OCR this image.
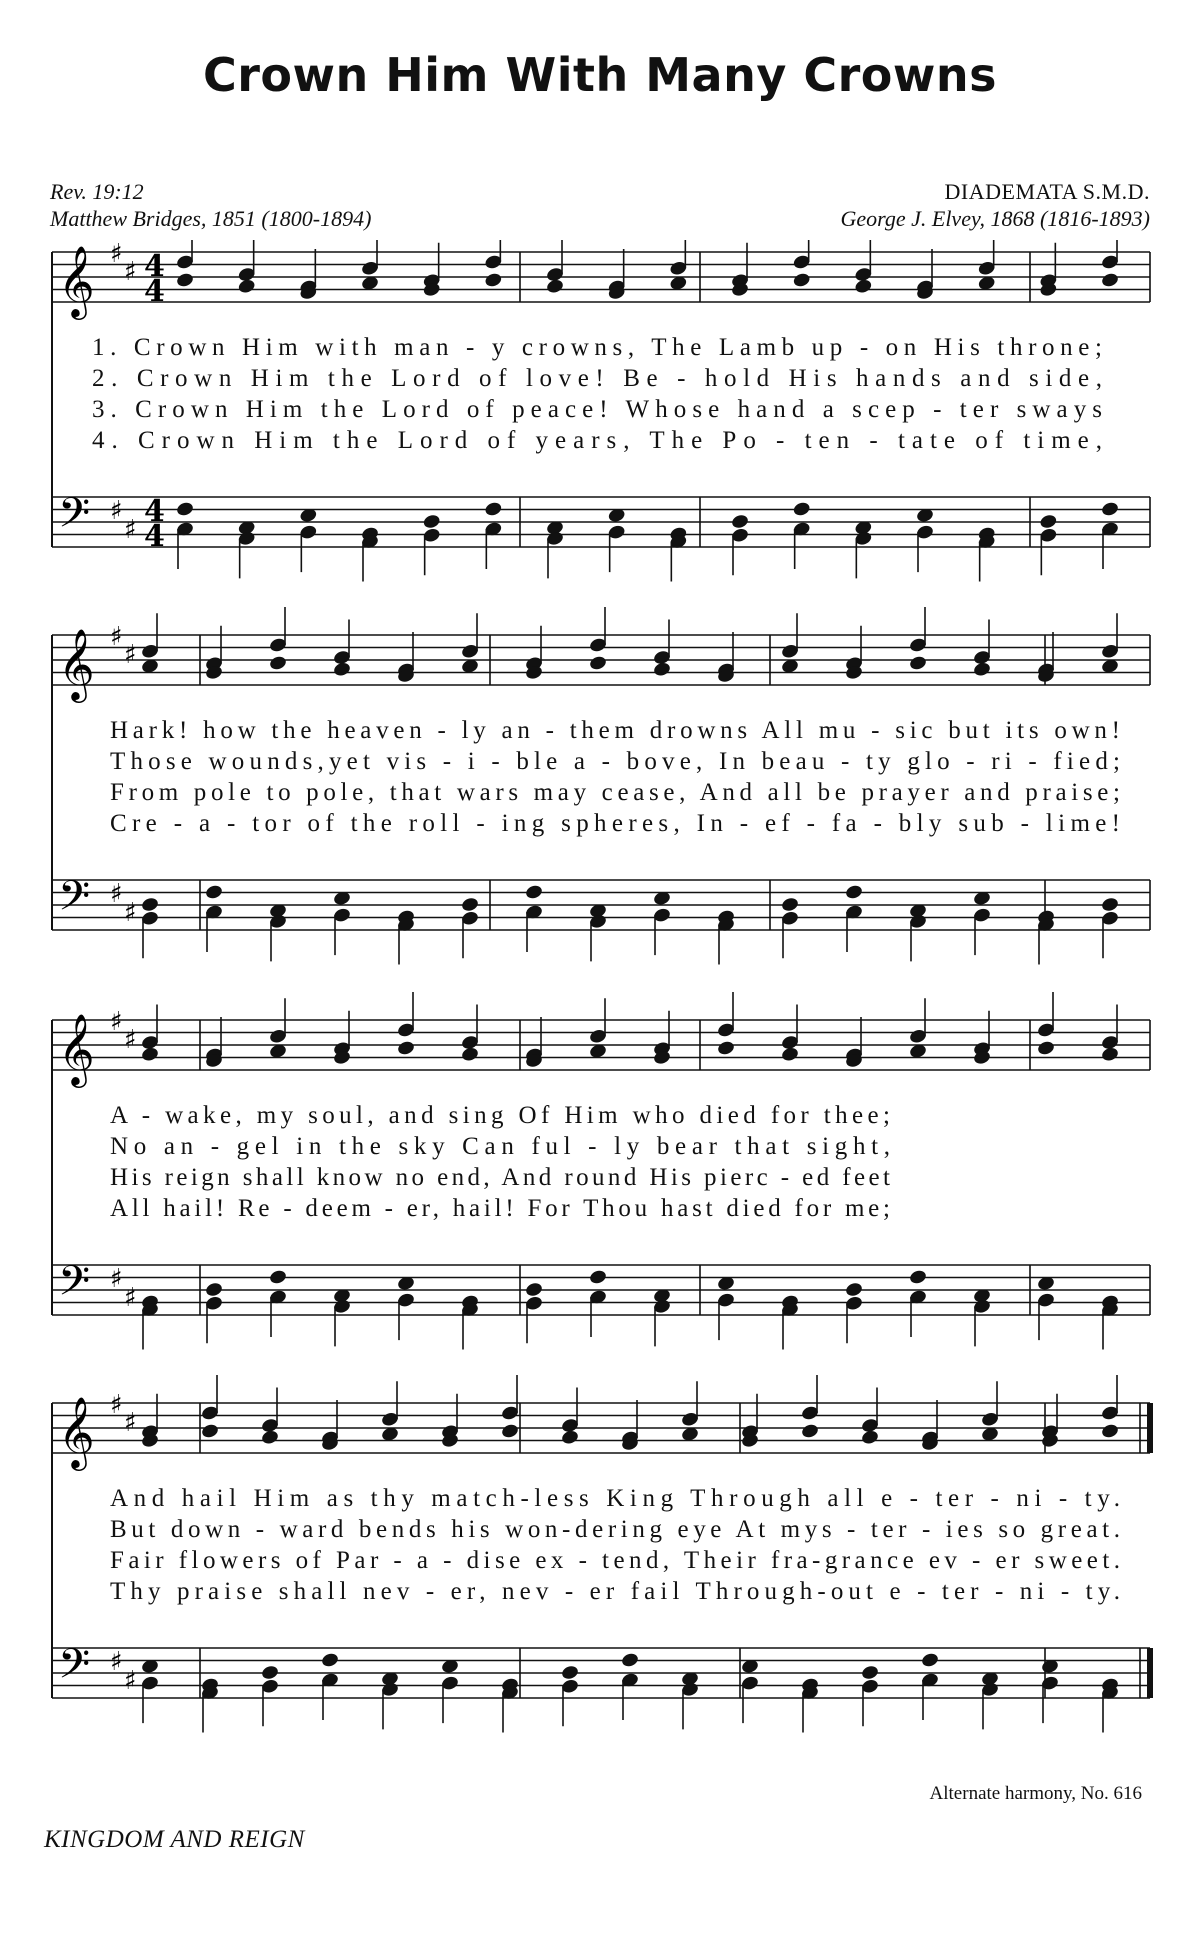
Crown Him With Many Crowns
Rev. 19:12
Matthew Bridges, 1851 (1800-1894)
DIADEMATA S.M.D.
George J. Elvey, 1868 (1816-1893)
𝄞
𝄢
♯
♯
♯
♯
4
4
4
4
1. Crown Him with man - y crowns, The Lamb up - on His throne;
2. Crown Him the Lord of love! Be - hold His hands and side,
3. Crown Him the Lord of peace! Whose hand a scep - ter sways
4. Crown Him the Lord of years, The Po - ten - tate of time,
𝄞
𝄢
♯
♯
♯
♯
Hark! how the heaven - ly an - them drowns All mu - sic but its own!
Those wounds,yet vis - i - ble a - bove, In beau - ty glo - ri - fied;
From pole to pole, that wars may cease, And all be prayer and praise;
Cre - a - tor of the roll - ing spheres, In - ef - fa - bly sub - lime!
𝄞
𝄢
♯
♯
♯
♯
A - wake, my soul, and sing Of Him who died for thee;
No an - gel in the sky Can ful - ly bear that sight,
His reign shall know no end, And round His pierc - ed feet
All hail! Re - deem - er, hail! For Thou hast died for me;
𝄞
𝄢
♯
♯
♯
♯
And hail Him as thy match-less King Through all e - ter - ni - ty.
But down - ward bends his won-dering eye At mys - ter - ies so great.
Fair flowers of Par - a - dise ex - tend, Their fra-grance ev - er sweet.
Thy praise shall nev - er, nev - er fail Through-out e - ter - ni - ty.
Alternate harmony, No. 616
KINGDOM AND REIGN
